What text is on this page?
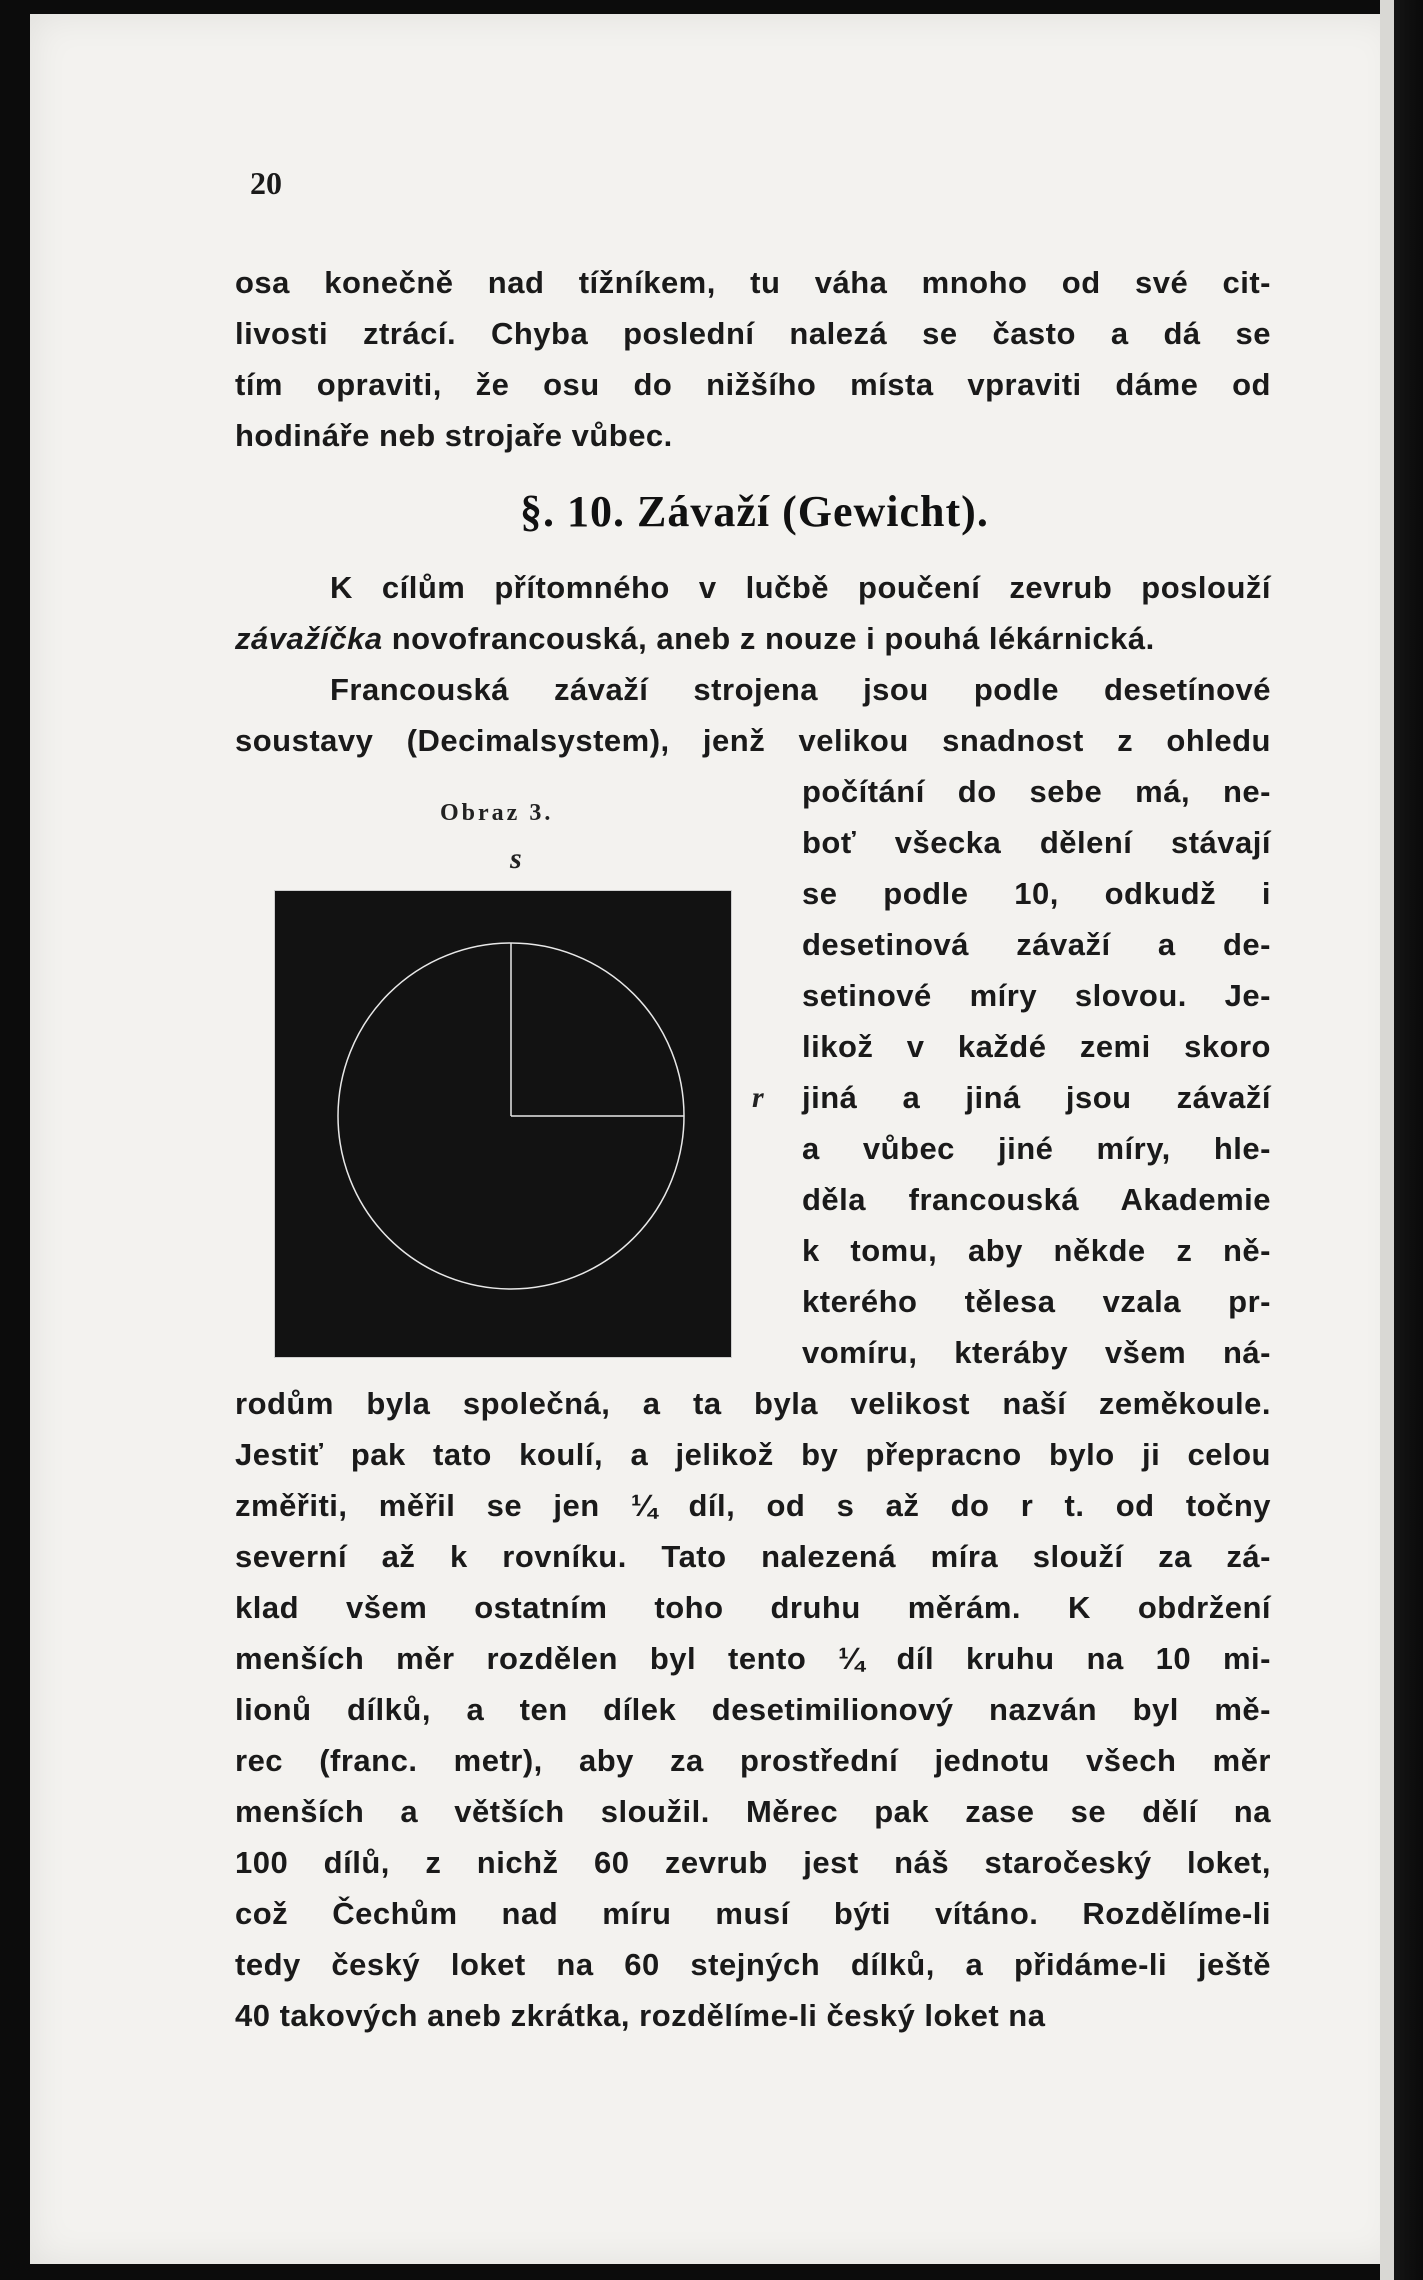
20
osa konečně nad tížníkem, tu váha mnoho od své cit-
livosti ztrácí. Chyba poslední nalezá se často a dá se
tím opraviti, že osu do nižšího místa vpraviti dáme od
hodináře neb strojaře vůbec.
§. 10. Závaží (Gewicht).
K cílům přítomného v lučbě poučení zevrub poslouží
závažíčka novofrancouská, aneb z nouze i pouhá lékárnická.
Francouská závaží strojena jsou podle desetínové
soustavy (Decimalsystem), jenž velikou snadnost z ohledu
počítání do sebe má, ne-
boť všecka dělení stávají
se podle 10, odkudž i
desetinová závaží a de-
setinové míry slovou. Je-
likož v každé zemi skoro
jiná a jiná jsou závaží
a vůbec jiné míry, hle-
děla francouská Akademie
k tomu, aby někde z ně-
kterého tělesa vzala pr-
vomíru, kteráby všem ná-
rodům byla společná, a ta byla velikost naší zeměkoule.
Jestiť pak tato koulí, a jelikož by přepracno bylo ji celou
změřiti, měřil se jen ¼ díl, od s až do r t. od točny
severní až k rovníku. Tato nalezená míra slouží za zá-
klad všem ostatním toho druhu měrám. K obdržení
menších měr rozdělen byl tento ¼ díl kruhu na 10 mi-
lionů dílků, a ten dílek desetimilionový nazván byl mě-
rec (franc. metr), aby za prostřední jednotu všech měr
menších a větších sloužil. Měrec pak zase se dělí na
100 dílů, z nichž 60 zevrub jest náš staročeský loket,
což Čechům nad míru musí býti vítáno. Rozdělíme-li
tedy český loket na 60 stejných dílků, a přidáme-li ještě
40 takových aneb zkrátka, rozdělíme-li český loket na
Obraz 3.
s
r
